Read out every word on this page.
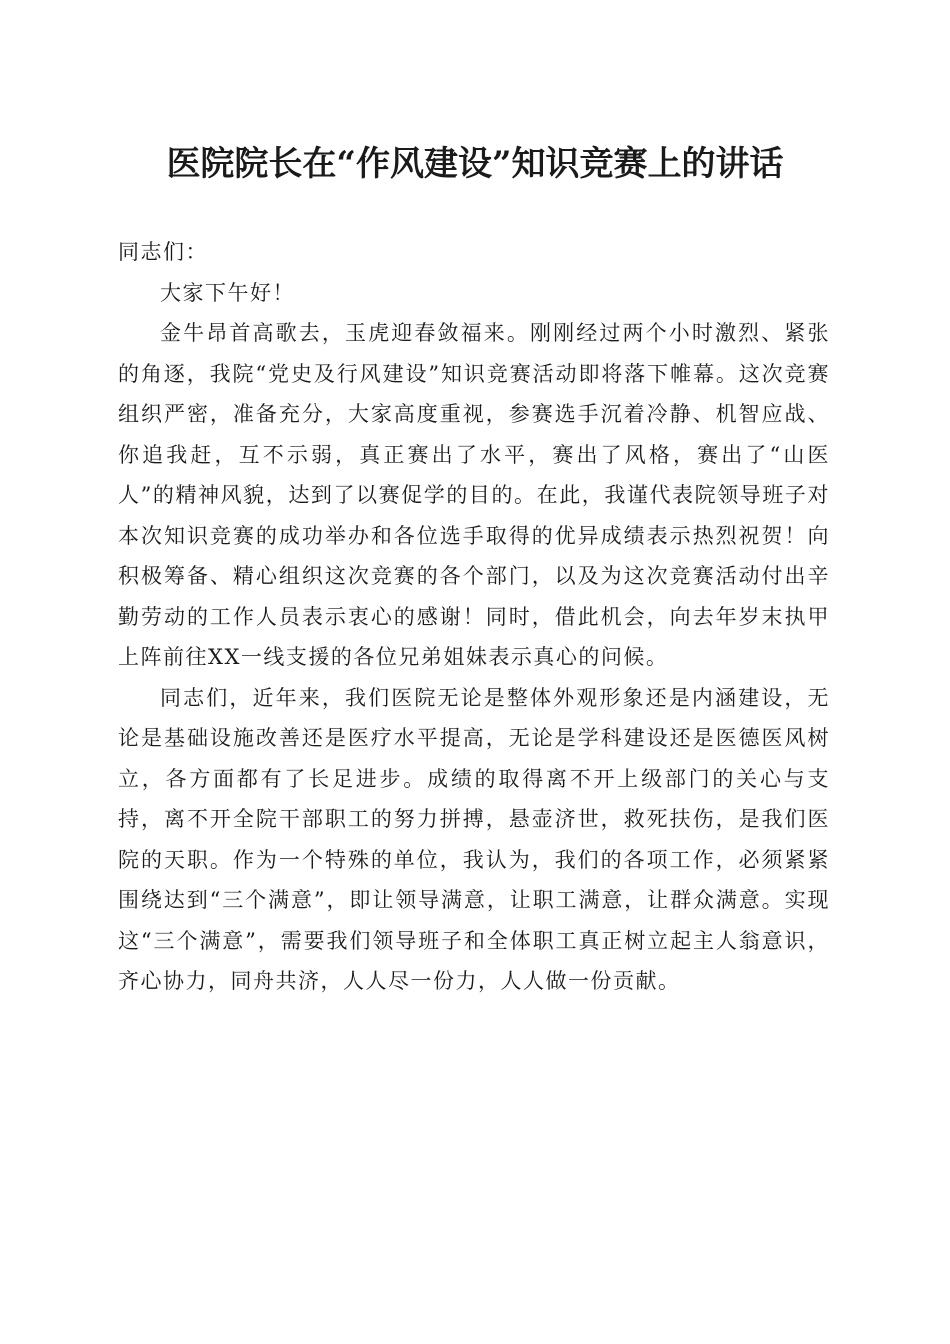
医院院长在“作风建设”知识竞赛上的讲话

同志们：

大家下午好！

金牛昂首高歌去，玉虎迎春敛福来。刚刚经过两个小时激烈、紧张的角逐，我院“党史及行风建设”知识竞赛活动即将落下帷幕。这次竞赛组织严密，准备充分，大家高度重视，参赛选手沉着冷静、机智应战、你追我赶，互不示弱，真正赛出了水平，赛出了风格，赛出了“山医人”的精神风貌，达到了以赛促学的目的。在此，我谨代表院领导班子对本次知识竞赛的成功举办和各位选手取得的优异成绩表示热烈祝贺！向积极筹备、精心组织这次竞赛的各个部门，以及为这次竞赛活动付出辛勤劳动的工作人员表示衷心的感谢！同时，借此机会，向去年岁末执甲上阵前往XX一线支援的各位兄弟姐妹表示真心的问候。

同志们，近年来，我们医院无论是整体外观形象还是内涵建设，无论是基础设施改善还是医疗水平提高，无论是学科建设还是医德医风树立，各方面都有了长足进步。成绩的取得离不开上级部门的关心与支持，离不开全院干部职工的努力拼搏，悬壶济世，救死扶伤，是我们医院的天职。作为一个特殊的单位，我认为，我们的各项工作，必须紧紧围绕达到“三个满意”，即让领导满意，让职工满意，让群众满意。实现这“三个满意”，需要我们领导班子和全体职工真正树立起主人翁意识，齐心协力，同舟共济，人人尽一份力，人人做一份贡献。
